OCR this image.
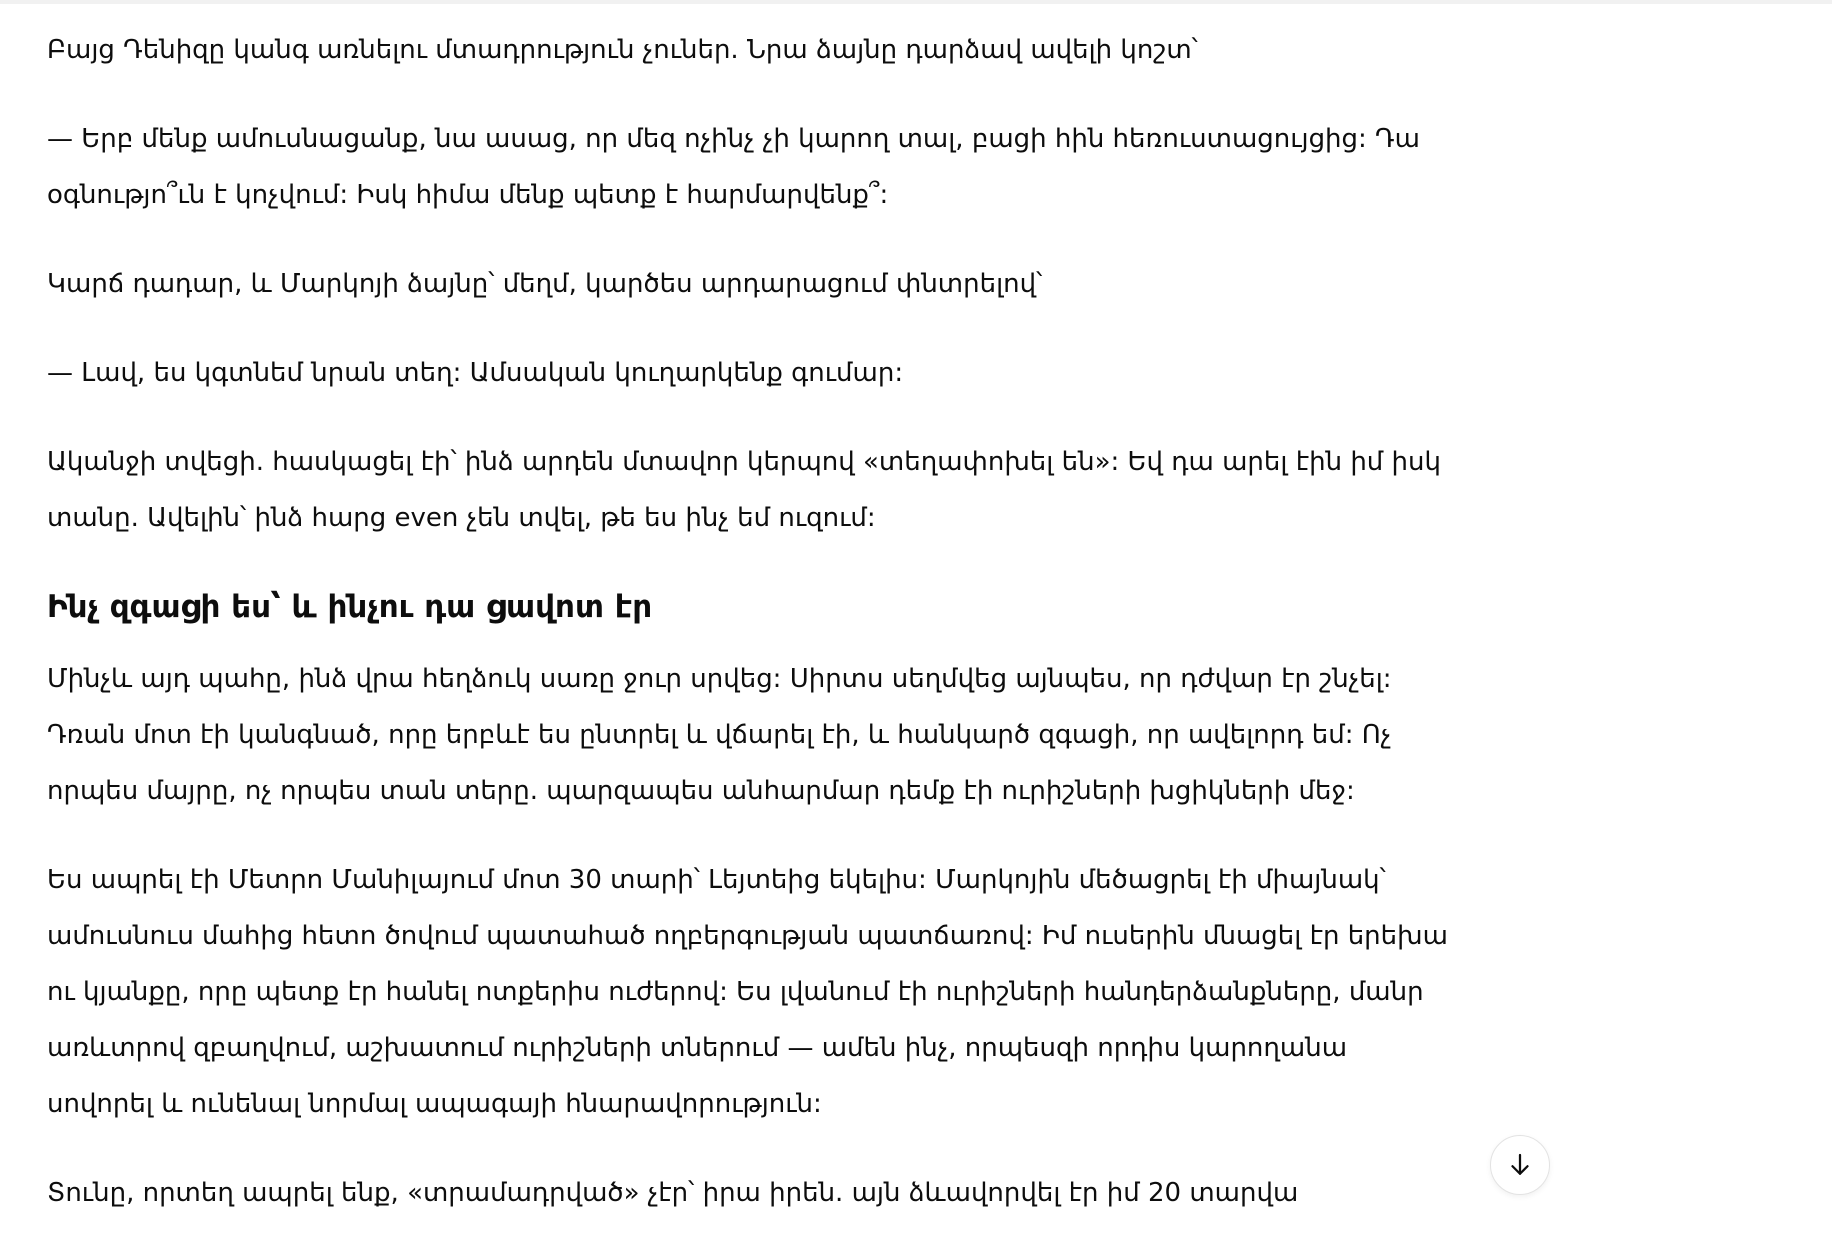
Բայց Դենիզը կանգ առնելու մտադրություն չուներ. Նրա ձայնը դարձավ ավելի կոշտ՝

— Երբ մենք ամուսնացանք, նա ասաց, որ մեզ ոչինչ չի կարող տալ, բացի հին հեռուստացույցից: Դա
օգնությո՞ւն է կոչվում: Իսկ հիմա մենք պետք է հարմարվենք՞:

Կարճ դադար, և Մարկոյի ձայնը՝ մեղմ, կարծես արդարացում փնտրելով՝

— Լավ, ես կգտնեմ նրան տեղ: Ամսական կուղարկենք գումար:

Ականջի տվեցի. հասկացել էի՝ ինձ արդեն մտավոր կերպով «տեղափոխել են»: Եվ դա արել էին իմ իսկ
տանը. Ավելին՝ ինձ հարց even չեն տվել, թե ես ինչ եմ ուզում:

Ինչ զգացի ես՝ և ինչու դա ցավոտ էր

Մինչև այդ պահը, ինձ վրա հեղձուկ սառը ջուր սրվեց: Սիրտս սեղմվեց այնպես, որ դժվար էր շնչել:
Դռան մոտ էի կանգնած, որը երբևէ ես ընտրել և վճարել էի, և հանկարծ զգացի, որ ավելորդ եմ: Ոչ
որպես մայրը, ոչ որպես տան տերը. պարզապես անհարմար դեմք էի ուրիշների խցիկների մեջ:

Ես ապրել էի Մետրո Մանիլայում մոտ 30 տարի՝ Լեյտեից եկելիս: Մարկոյին մեծացրել էի միայնակ՝
ամուսնուս մահից հետո ծովում պատահած ողբերգության պատճառով: Իմ ուսերին մնացել էր երեխա
ու կյանքը, որը պետք էր հանել ոտքերիս ուժերով: Ես լվանում էի ուրիշների հանդերձանքները, մանր
առևտրով զբաղվում, աշխատում ուրիշների տներում — ամեն ինչ, որպեսզի որդիս կարողանա
սովորել և ունենալ նորմալ ապագայի հնարավորություն:

Տունը, որտեղ ապրել ենք, «տրամադրված» չէր՝ իրա իրեն. այն ձևավորվել էր իմ 20 տարվա
